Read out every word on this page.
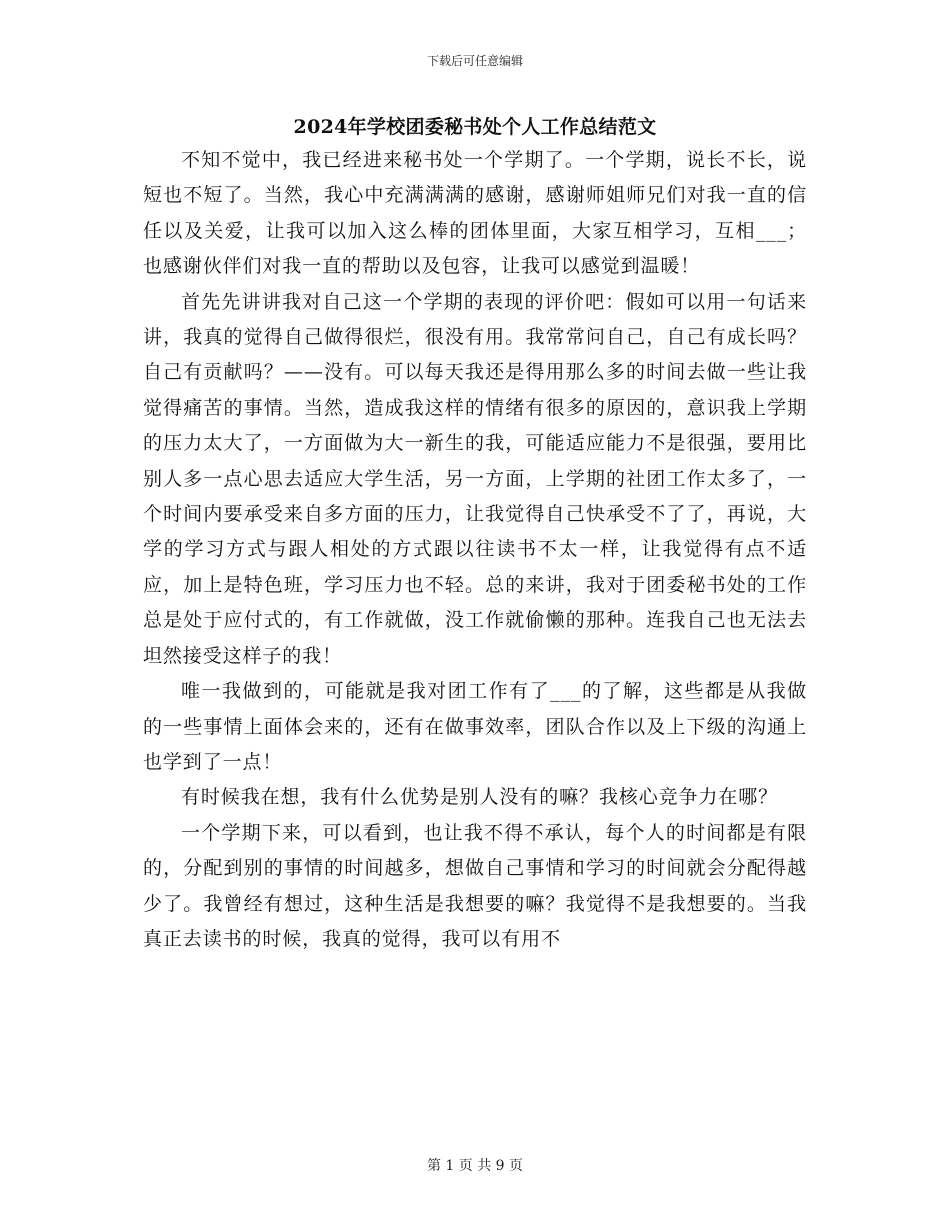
下载后可任意编辑
2024年学校团委秘书处个人工作总结范文

不知不觉中，我已经进来秘书处一个学期了。一个学期，说长不长，说短也不短了。当然，我心中充满满满的感谢，感谢师姐师兄们对我一直的信任以及关爱，让我可以加入这么棒的团体里面，大家互相学习，互相___；也感谢伙伴们对我一直的帮助以及包容，让我可以感觉到温暖！

首先先讲讲我对自己这一个学期的表现的评价吧：假如可以用一句话来讲，我真的觉得自己做得很烂，很没有用。我常常问自己，自己有成长吗？自己有贡献吗？——没有。可以每天我还是得用那么多的时间去做一些让我觉得痛苦的事情。当然，造成我这样的情绪有很多的原因的，意识我上学期的压力太大了，一方面做为大一新生的我，可能适应能力不是很强，要用比别人多一点心思去适应大学生活，另一方面，上学期的社团工作太多了，一个时间内要承受来自多方面的压力，让我觉得自己快承受不了了，再说，大学的学习方式与跟人相处的方式跟以往读书不太一样，让我觉得有点不适应，加上是特色班，学习压力也不轻。总的来讲，我对于团委秘书处的工作总是处于应付式的，有工作就做，没工作就偷懒的那种。连我自己也无法去坦然接受这样子的我！

唯一我做到的，可能就是我对团工作有了___的了解，这些都是从我做的一些事情上面体会来的，还有在做事效率，团队合作以及上下级的沟通上也学到了一点！

有时候我在想，我有什么优势是别人没有的嘛？我核心竞争力在哪？

一个学期下来，可以看到，也让我不得不承认，每个人的时间都是有限的，分配到别的事情的时间越多，想做自己事情和学习的时间就会分配得越少了。我曾经有想过，这种生活是我想要的嘛？我觉得不是我想要的。当我真正去读书的时候，我真的觉得，我可以有用不

第 1 页 共 9 页
